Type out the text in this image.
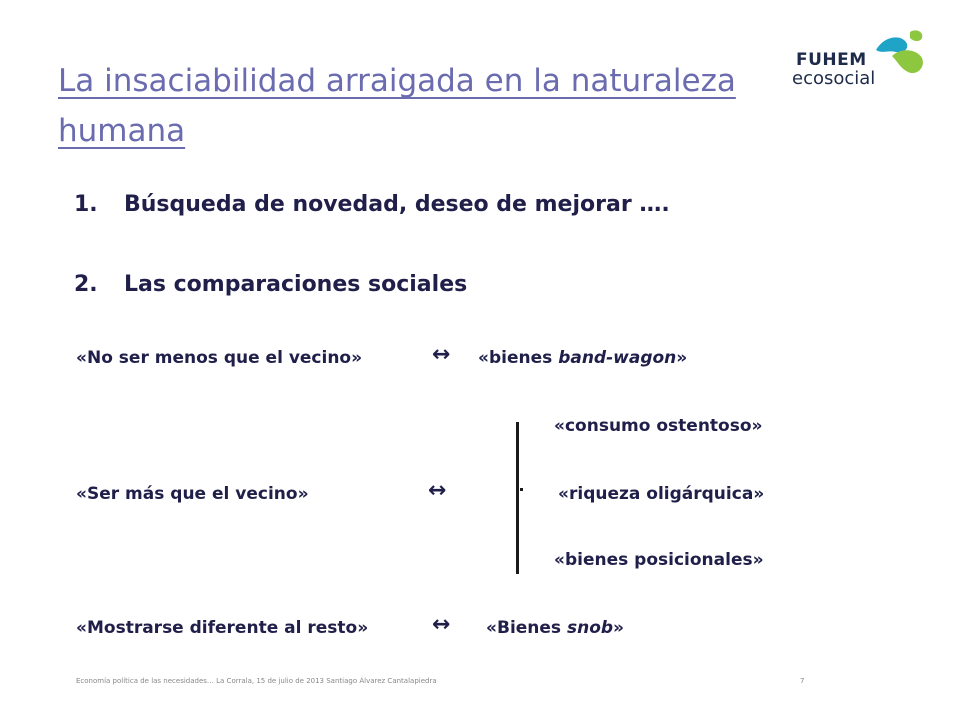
La insaciabilidad arraigada en la naturaleza humana
FUHEM
ecosocial
1. Búsqueda de novedad, deseo de mejorar ….
2. Las comparaciones sociales
«No ser menos que el vecino»	↔ «bienes band-wagon»
«consumo ostentoso»
«Ser más que el vecino»	↔	«riqueza oligárquica»
«bienes posicionales»
«Mostrarse diferente al resto»	↔ «Bienes snob»
Economía política de las necesidades… La Corrala, 15 de julio de 2013 Santiago Álvarez Cantalapiedra	7
